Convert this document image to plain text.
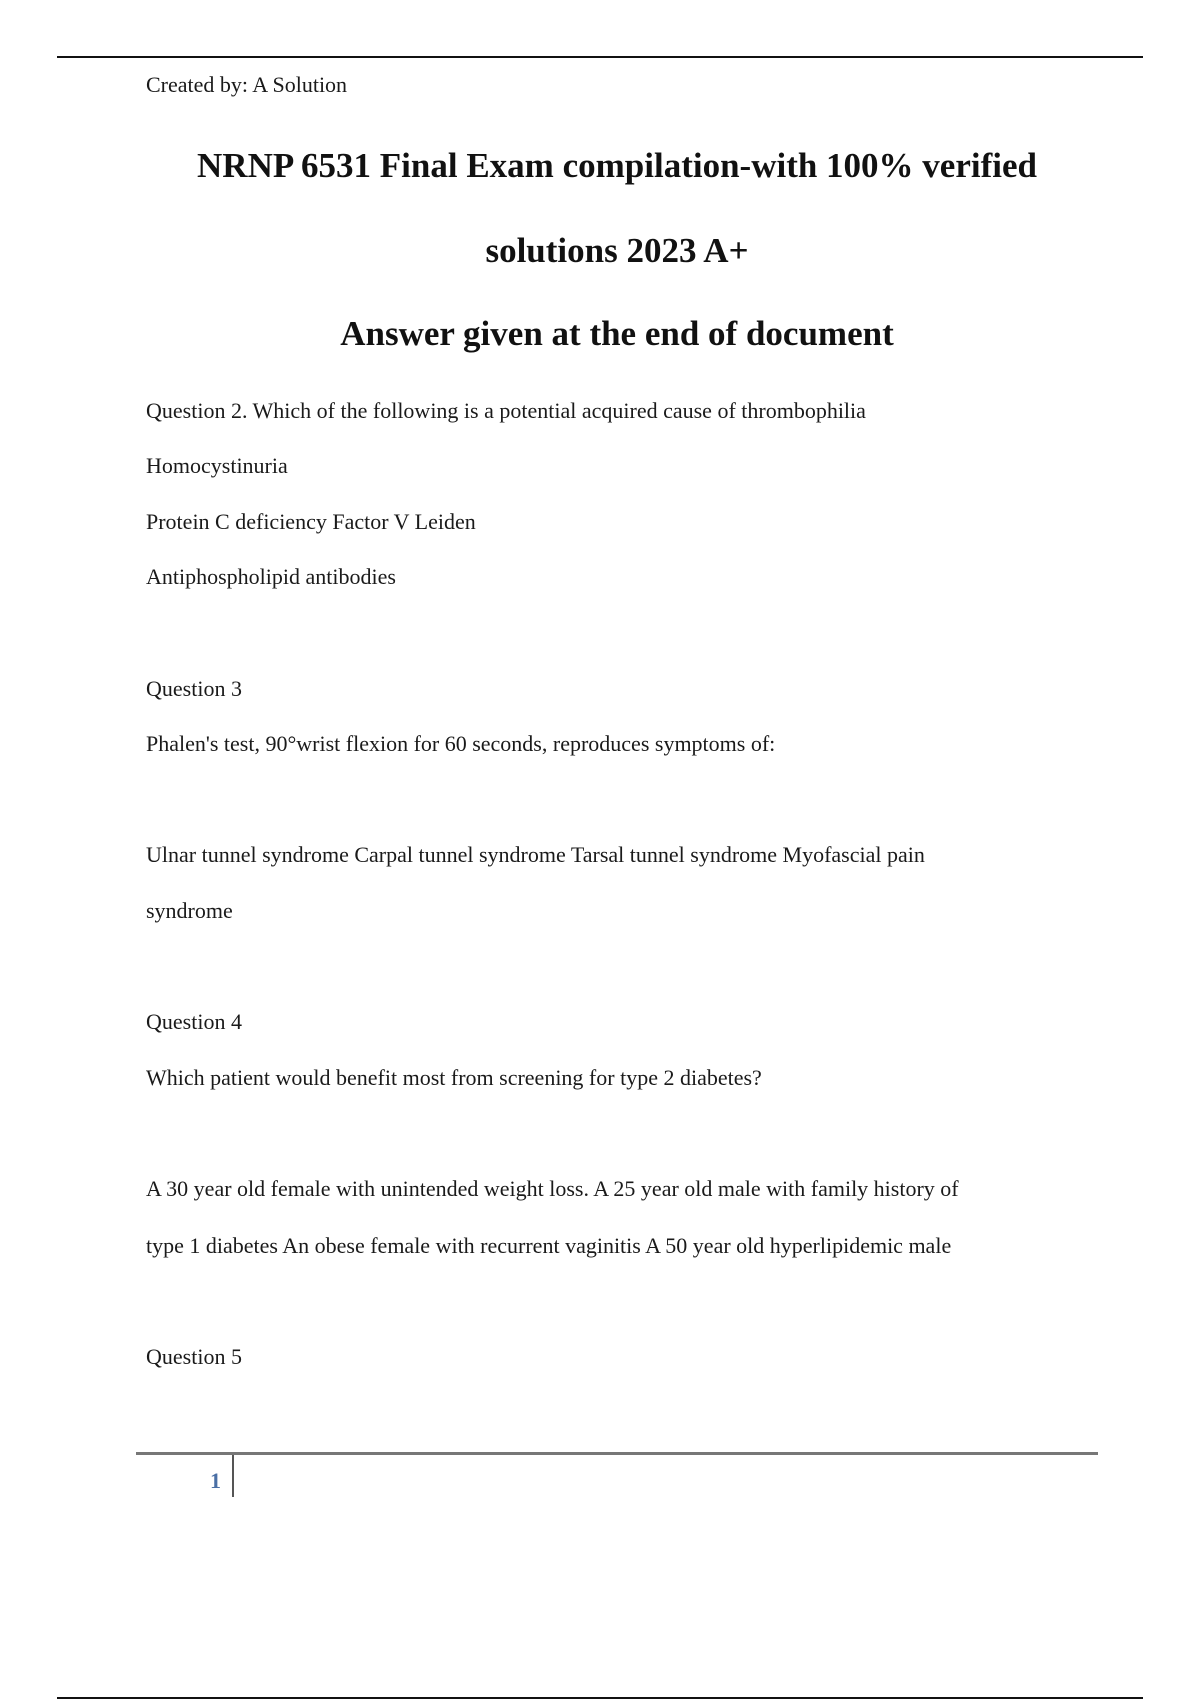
Created by: A Solution

NRNP 6531 Final Exam compilation-with 100% verified
solutions 2023 A+
Answer given at the end of document

Question 2. Which of the following is a potential acquired cause of thrombophilia

Homocystinuria

Protein C deficiency Factor V Leiden

Antiphospholipid antibodies

Question 3

Phalen's test, 90°wrist flexion for 60 seconds, reproduces symptoms of:

Ulnar tunnel syndrome Carpal tunnel syndrome Tarsal tunnel syndrome Myofascial pain

syndrome

Question 4

Which patient would benefit most from screening for type 2 diabetes?

A 30 year old female with unintended weight loss. A 25 year old male with family history of

type 1 diabetes An obese female with recurrent vaginitis A 50 year old hyperlipidemic male

Question 5

1
